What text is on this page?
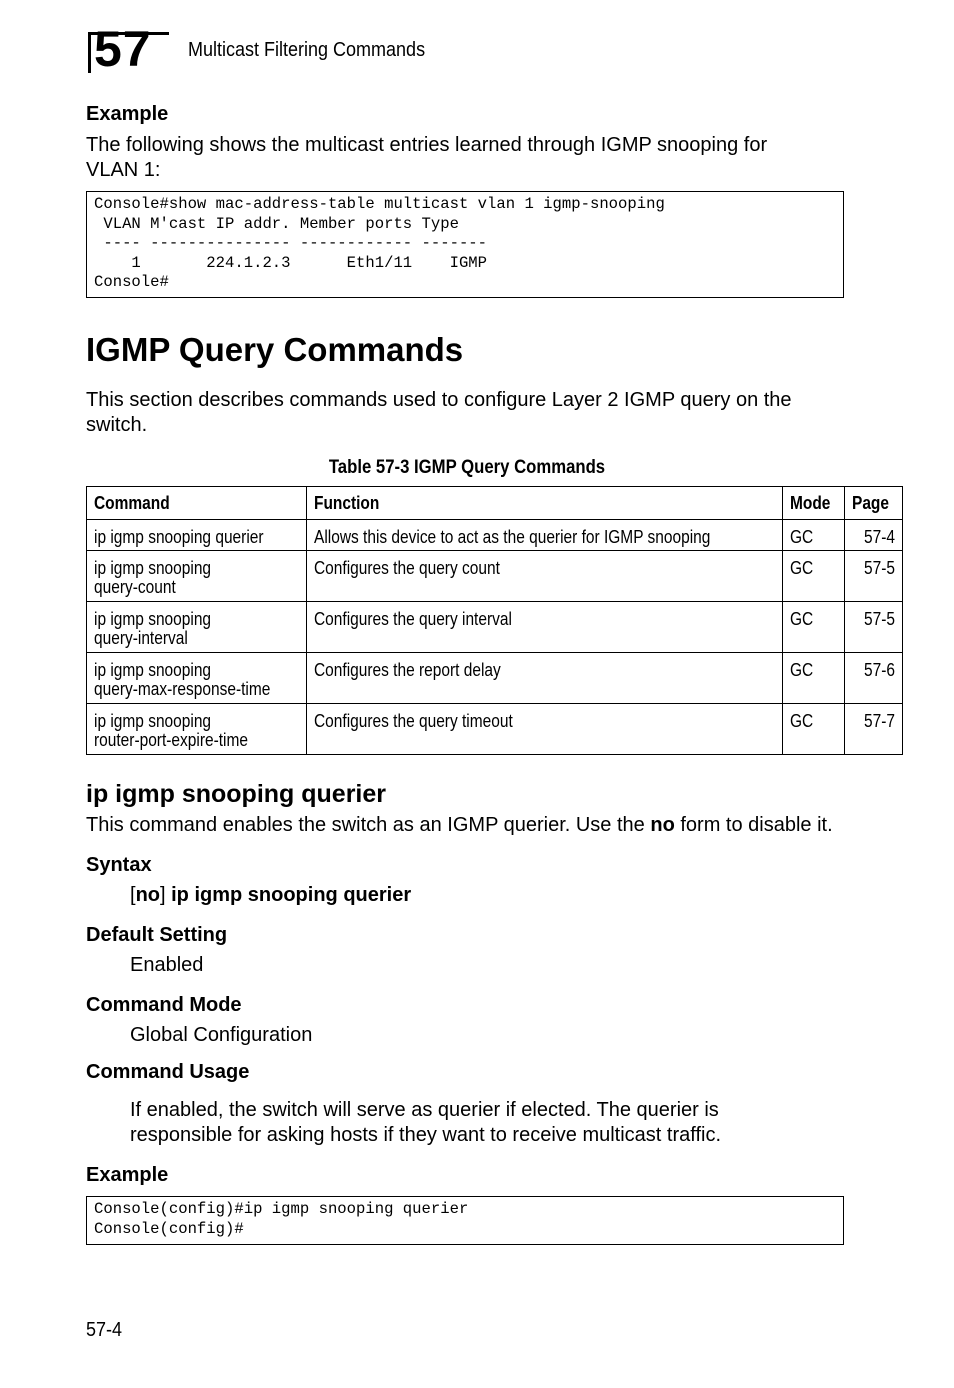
57 Multicast Filtering Commands
Example

The following shows the multicast entries learned through IGMP snooping for

VLAN 1:

Console#show mac-address-table multicast vlan 1 igmp-snooping
VLAN M'cast IP addr. Member ports Type
---- --------------- ------------ -------
1       224.1.2.3      Eth1/11    IGMP
Console#
IGMP Query Commands

This section describes commands used to configure Layer 2 IGMP query on the

switch.

Table 57-3 IGMP Query Commands
Command	Function	Mode	Page
ip igmp snooping querier	Allows this device to act as the querier for IGMP snooping	GC	57-4
ip igmp snooping
query-count	Configures the query count	GC	57-5
ip igmp snooping
query-interval	Configures the query interval	GC	57-5
ip igmp snooping
query-max-response-time	Configures the report delay	GC	57-6
ip igmp snooping
router-port-expire-time	Configures the query timeout	GC	57-7
ip igmp snooping querier

This command enables the switch as an IGMP querier. Use the no form to disable it.

Syntax

[no] ip igmp snooping querier

Default Setting

Enabled

Command Mode

Global Configuration

Command Usage

If enabled, the switch will serve as querier if elected. The querier is

responsible for asking hosts if they want to receive multicast traffic.

Example
Console(config)#ip igmp snooping querier
Console(config)#
57-4
